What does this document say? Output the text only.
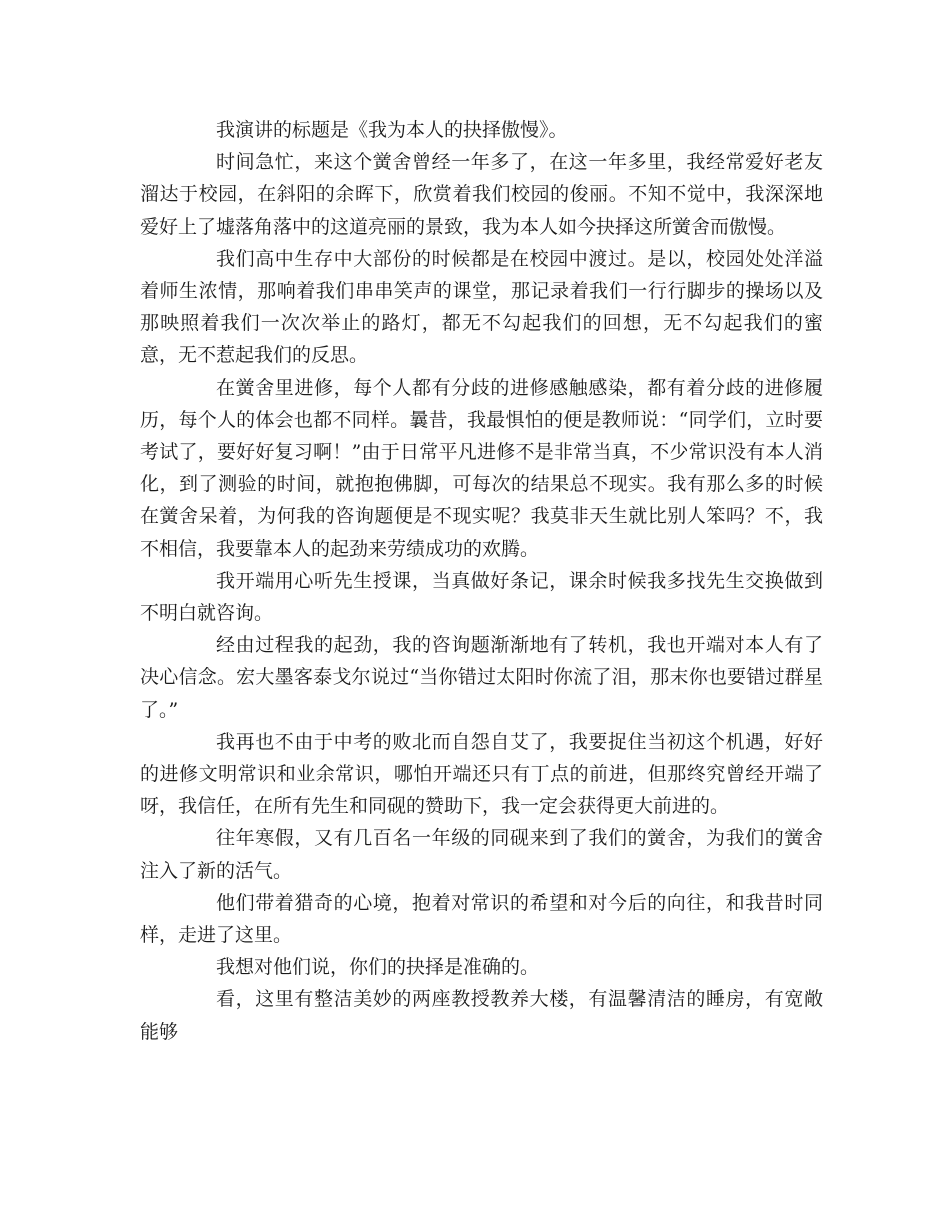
我演讲的标题是《我为本人的抉择傲慢》。

时间急忙，来这个黉舍曾经一年多了，在这一年多里，我经常爱好老友溜达于校园，在斜阳的余晖下，欣赏着我们校园的俊丽。不知不觉中，我深深地爱好上了墟落角落中的这道亮丽的景致，我为本人如今抉择这所黉舍而傲慢。

我们高中生存中大部份的时候都是在校园中渡过。是以，校园处处洋溢着师生浓情，那响着我们串串笑声的课堂，那记录着我们一行行脚步的操场以及那映照着我们一次次举止的路灯，都无不勾起我们的回想，无不勾起我们的蜜意，无不惹起我们的反思。

在黉舍里进修，每个人都有分歧的进修感触感染，都有着分歧的进修履历，每个人的体会也都不同样。曩昔，我最惧怕的便是教师说：“同学们，立时要考试了，要好好复习啊！”由于日常平凡进修不是非常当真，不少常识没有本人消化，到了测验的时间，就抱抱佛脚，可每次的结果总不现实。我有那么多的时候在黉舍呆着，为何我的咨询题便是不现实呢？我莫非天生就比别人笨吗？不，我不相信，我要靠本人的起劲来劳绩成功的欢腾。

我开端用心听先生授课，当真做好条记，课余时候我多找先生交换做到不明白就咨询。

经由过程我的起劲，我的咨询题渐渐地有了转机，我也开端对本人有了决心信念。宏大墨客泰戈尔说过“当你错过太阳时你流了泪，那末你也要错过群星了。”

我再也不由于中考的败北而自怨自艾了，我要捉住当初这个机遇，好好的进修文明常识和业余常识，哪怕开端还只有丁点的前进，但那终究曾经开端了呀，我信任，在所有先生和同砚的赞助下，我一定会获得更大前进的。

往年寒假，又有几百名一年级的同砚来到了我们的黉舍，为我们的黉舍注入了新的活气。

他们带着猎奇的心境，抱着对常识的希望和对今后的向往，和我昔时同样，走进了这里。

我想对他们说，你们的抉择是准确的。

看，这里有整洁美妙的两座教授教养大楼，有温馨清洁的睡房，有宽敞能够
